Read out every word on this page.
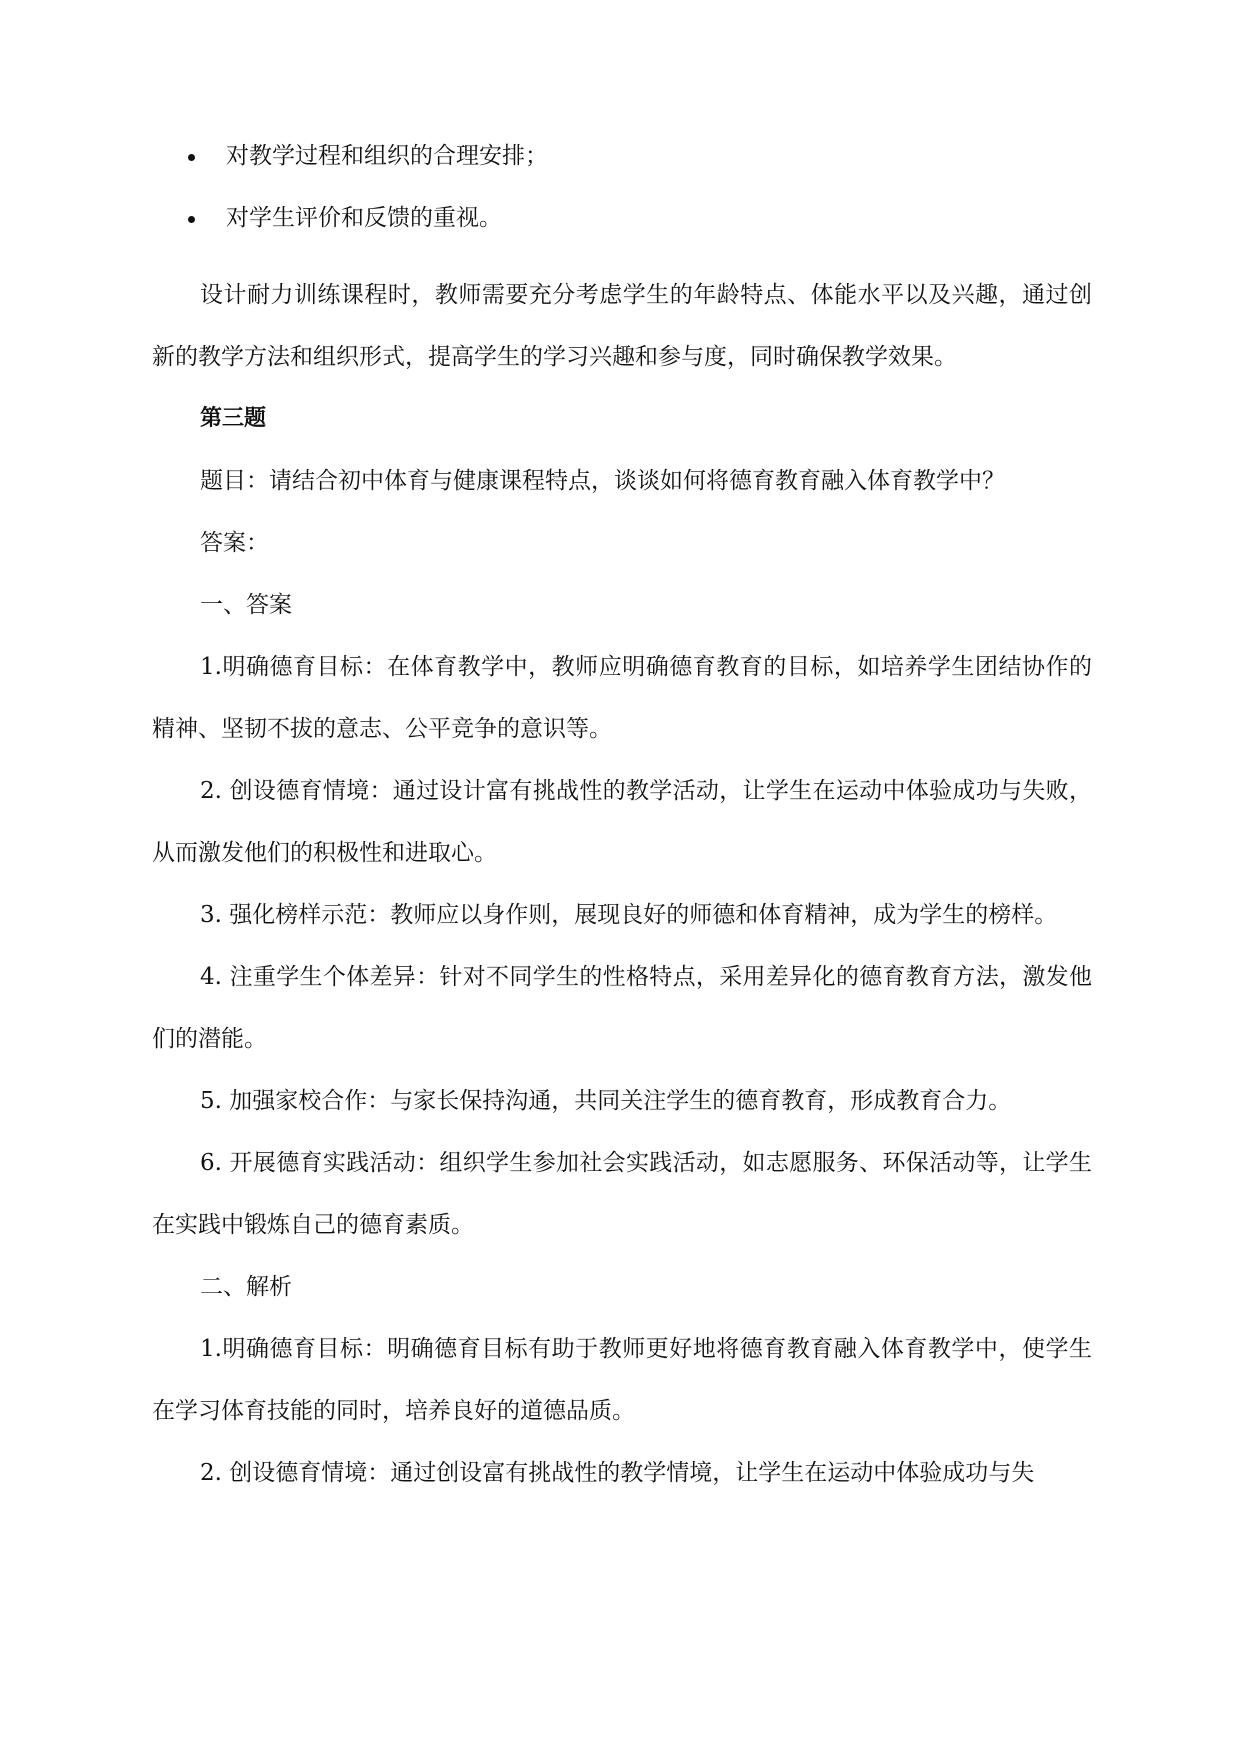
对教学过程和组织的合理安排；
对学生评价和反馈的重视。

设计耐力训练课程时，教师需要充分考虑学生的年龄特点、体能水平以及兴趣，通过创新的教学方法和组织形式，提高学生的学习兴趣和参与度，同时确保教学效果。

第三题

题目：请结合初中体育与健康课程特点，谈谈如何将德育教育融入体育教学中？

答案：

一、答案

1.明确德育目标：在体育教学中，教师应明确德育教育的目标，如培养学生团结协作的精神、坚韧不拔的意志、公平竞争的意识等。

2. 创设德育情境：通过设计富有挑战性的教学活动，让学生在运动中体验成功与失败，从而激发他们的积极性和进取心。

3. 强化榜样示范：教师应以身作则，展现良好的师德和体育精神，成为学生的榜样。

4. 注重学生个体差异：针对不同学生的性格特点，采用差异化的德育教育方法，激发他们的潜能。

5. 加强家校合作：与家长保持沟通，共同关注学生的德育教育，形成教育合力。

6. 开展德育实践活动：组织学生参加社会实践活动，如志愿服务、环保活动等，让学生在实践中锻炼自己的德育素质。

二、解析

1.明确德育目标：明确德育目标有助于教师更好地将德育教育融入体育教学中，使学生在学习体育技能的同时，培养良好的道德品质。

2. 创设德育情境：通过创设富有挑战性的教学情境，让学生在运动中体验成功与失
